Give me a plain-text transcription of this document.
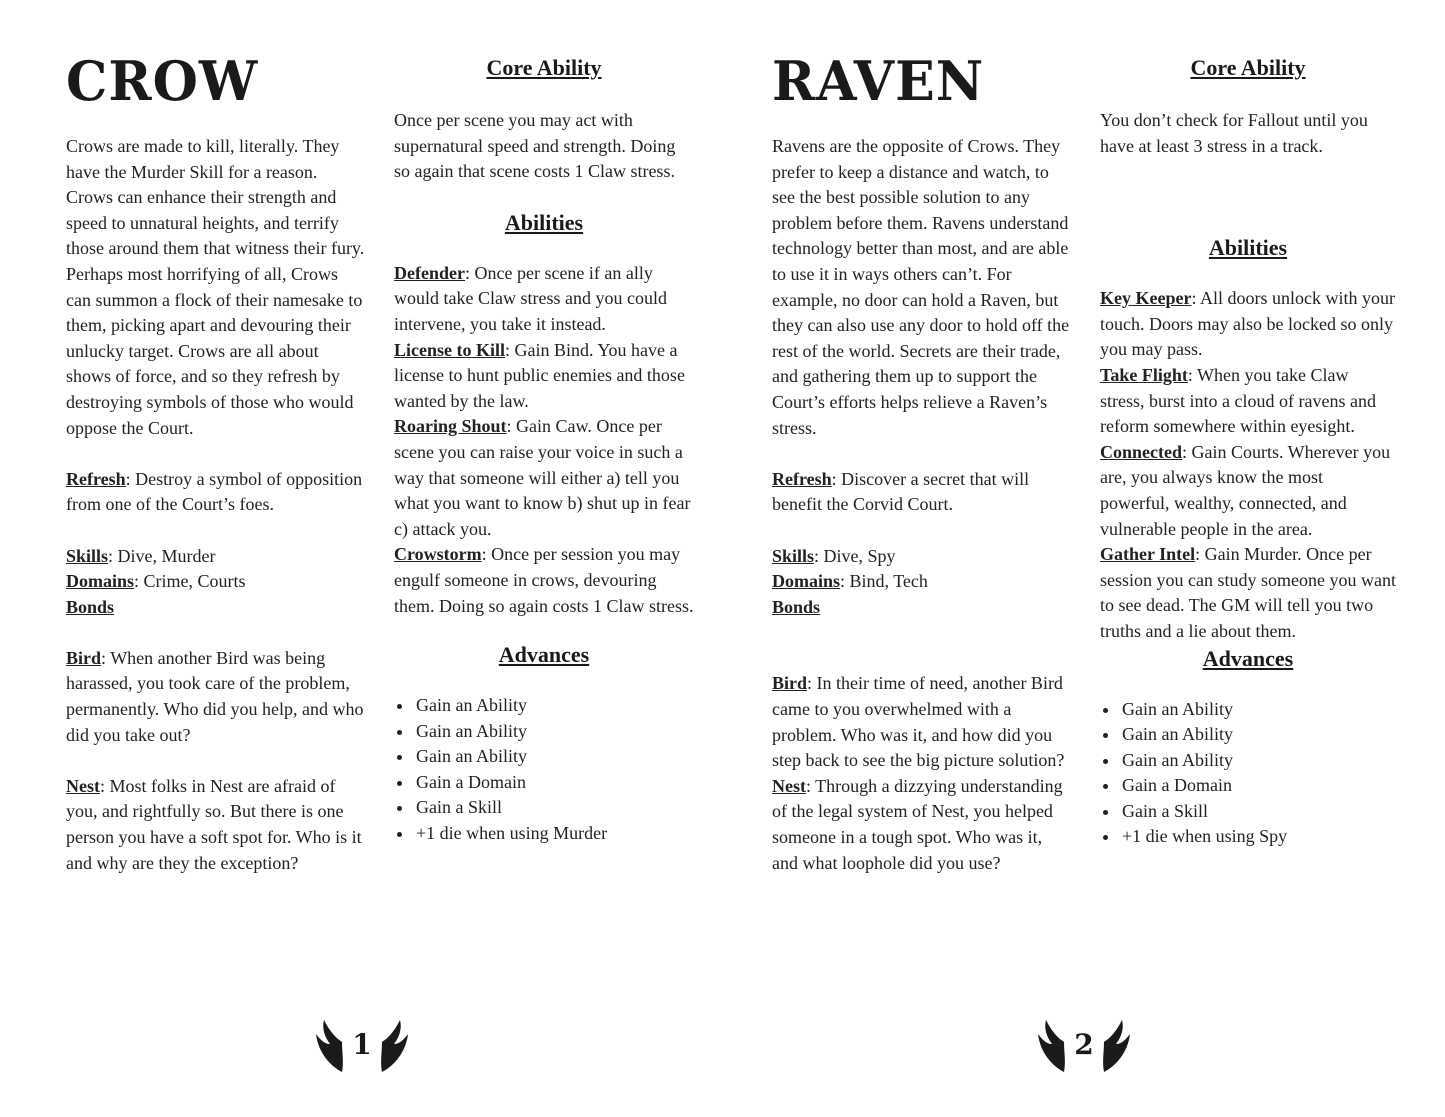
CROW

Crows are made to kill, literally. They have the Murder Skill for a reason. Crows can enhance their strength and speed to unnatural heights, and terrify those around them that witness their fury. Perhaps most horrifying of all, Crows can summon a flock of their namesake to them, picking apart and devouring their unlucky target. Crows are all about shows of force, and so they refresh by destroying symbols of those who would oppose the Court.

Refresh: Destroy a symbol of opposition from one of the Court’s foes.

Skills: Dive, Murder

Domains: Crime, Courts

Bonds

Bird: When another Bird was being harassed, you took care of the problem, permanently. Who did you help, and who did you take out?

Nest: Most folks in Nest are afraid of you, and rightfully so. But there is one person you have a soft spot for. Who is it and why are they the exception?

Core Ability

Once per scene you may act with supernatural speed and strength. Doing so again that scene costs 1 Claw stress.

Abilities

Defender: Once per scene if an ally would take Claw stress and you could intervene, you take it instead.

License to Kill: Gain Bind. You have a license to hunt public enemies and those wanted by the law.

Roaring Shout: Gain Caw. Once per scene you can raise your voice in such a way that someone will either a) tell you what you want to know b) shut up in fear c) attack you.

Crowstorm: Once per session you may engulf someone in crows, devouring them. Doing so again costs 1 Claw stress.

Advances
• Gain an Ability
• Gain an Ability
• Gain an Ability
• Gain a Domain
• Gain a Skill
• +1 die when using Murder
1
RAVEN

Ravens are the opposite of Crows. They prefer to keep a distance and watch, to see the best possible solution to any problem before them. Ravens understand technology better than most, and are able to use it in ways others can’t. For example, no door can hold a Raven, but they can also use any door to hold off the rest of the world. Secrets are their trade, and gathering them up to support the Court’s efforts helps relieve a Raven’s stress.

Refresh: Discover a secret that will benefit the Corvid Court.

Skills: Dive, Spy

Domains: Bind, Tech

Bonds

Bird: In their time of need, another Bird came to you overwhelmed with a problem. Who was it, and how did you step back to see the big picture solution?

Nest: Through a dizzying understanding of the legal system of Nest, you helped someone in a tough spot. Who was it, and what loophole did you use?

Core Ability

You don’t check for Fallout until you have at least 3 stress in a track.

Abilities

Key Keeper: All doors unlock with your touch. Doors may also be locked so only you may pass.

Take Flight: When you take Claw stress, burst into a cloud of ravens and reform somewhere within eyesight.

Connected: Gain Courts. Wherever you are, you always know the most powerful, wealthy, connected, and vulnerable people in the area.

Gather Intel: Gain Murder. Once per session you can study someone you want to see dead. The GM will tell you two truths and a lie about them.

Advances
• Gain an Ability
• Gain an Ability
• Gain an Ability
• Gain a Domain
• Gain a Skill
• +1 die when using Spy
2
